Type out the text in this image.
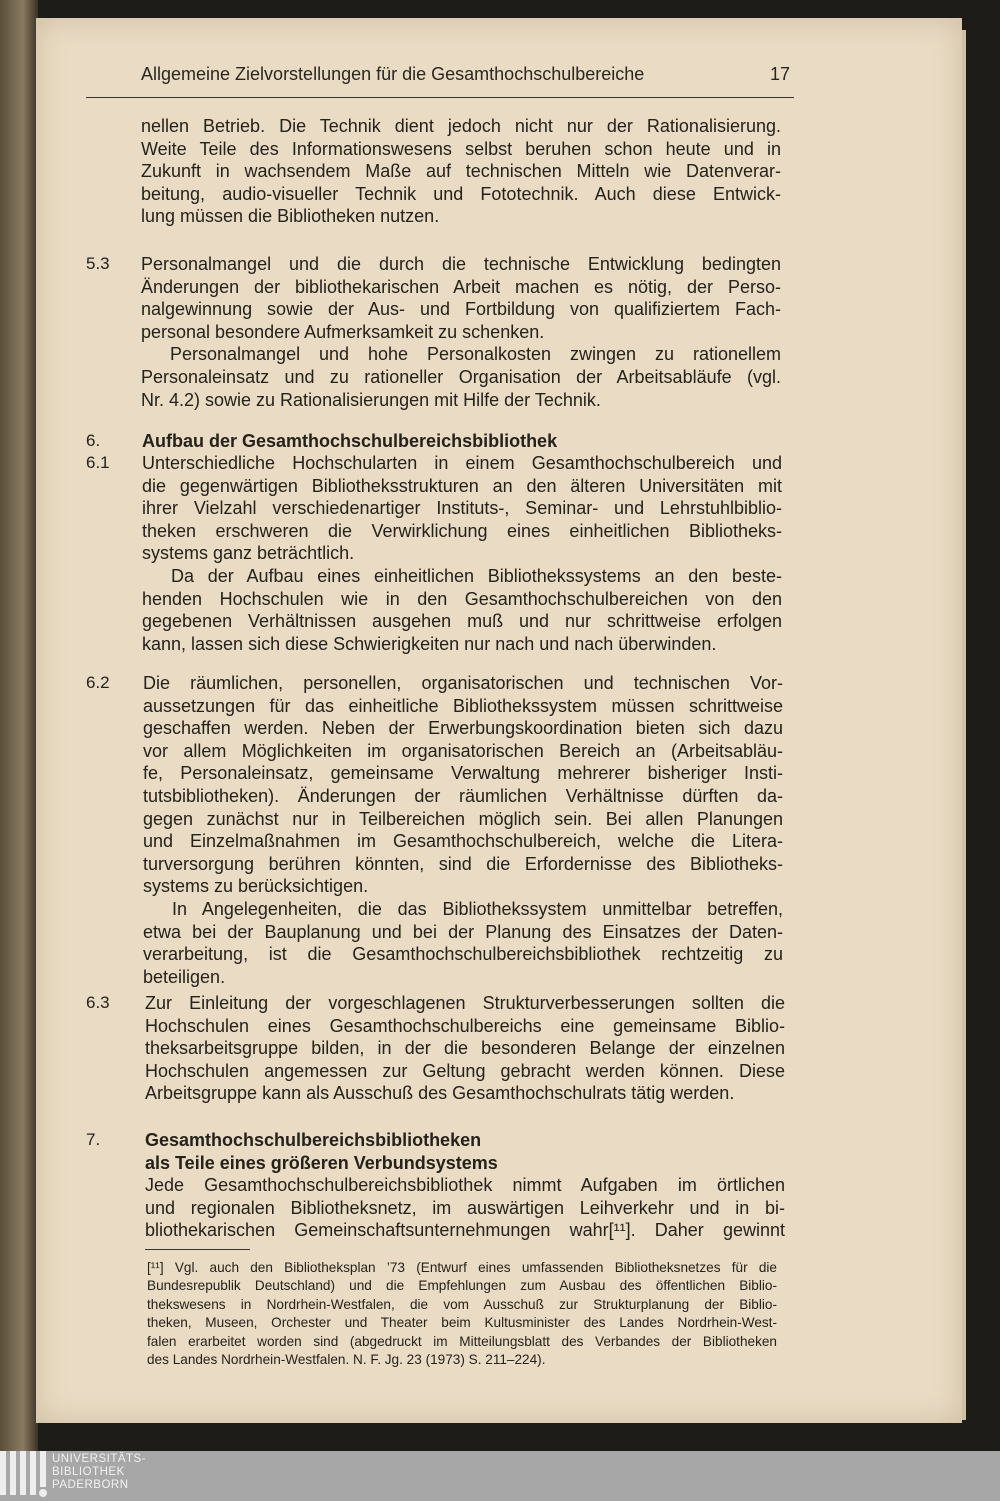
Allgemeine Zielvorstellungen für die Gesamthochschulbereiche	17
nellen Betrieb. Die Technik dient jedoch nicht nur der Rationalisierung.
Weite Teile des Informationswesens selbst beruhen schon heute und in
Zukunft in wachsendem Maße auf technischen Mitteln wie Datenverar-
beitung, audio-visueller Technik und Fototechnik. Auch diese Entwick-
lung müssen die Bibliotheken nutzen.
5.3 Personalmangel und die durch die technische Entwicklung bedingten
Änderungen der bibliothekarischen Arbeit machen es nötig, der Perso-
nalgewinnung sowie der Aus- und Fortbildung von qualifiziertem Fach-
personal besondere Aufmerksamkeit zu schenken.
Personalmangel und hohe Personalkosten zwingen zu rationellem
Personaleinsatz und zu rationeller Organisation der Arbeitsabläufe (vgl.
Nr. 4.2) sowie zu Rationalisierungen mit Hilfe der Technik.
6. Aufbau der Gesamthochschulbereichsbibliothek
6.1 Unterschiedliche Hochschularten in einem Gesamthochschulbereich und
die gegenwärtigen Bibliotheksstrukturen an den älteren Universitäten mit
ihrer Vielzahl verschiedenartiger Instituts-, Seminar- und Lehrstuhlbiblio-
theken erschweren die Verwirklichung eines einheitlichen Bibliotheks-
systems ganz beträchtlich.
Da der Aufbau eines einheitlichen Bibliothekssystems an den beste-
henden Hochschulen wie in den Gesamthochschulbereichen von den
gegebenen Verhältnissen ausgehen muß und nur schrittweise erfolgen
kann, lassen sich diese Schwierigkeiten nur nach und nach überwinden.
6.2 Die räumlichen, personellen, organisatorischen und technischen Vor-
aussetzungen für das einheitliche Bibliothekssystem müssen schrittweise
geschaffen werden. Neben der Erwerbungskoordination bieten sich dazu
vor allem Möglichkeiten im organisatorischen Bereich an (Arbeitsabläu-
fe, Personaleinsatz, gemeinsame Verwaltung mehrerer bisheriger Insti-
tutsbibliotheken). Änderungen der räumlichen Verhältnisse dürften da-
gegen zunächst nur in Teilbereichen möglich sein. Bei allen Planungen
und Einzelmaßnahmen im Gesamthochschulbereich, welche die Litera-
turversorgung berühren könnten, sind die Erfordernisse des Bibliotheks-
systems zu berücksichtigen.
In Angelegenheiten, die das Bibliothekssystem unmittelbar betreffen,
etwa bei der Bauplanung und bei der Planung des Einsatzes der Daten-
verarbeitung, ist die Gesamthochschulbereichsbibliothek rechtzeitig zu
beteiligen.
6.3 Zur Einleitung der vorgeschlagenen Strukturverbesserungen sollten die
Hochschulen eines Gesamthochschulbereichs eine gemeinsame Biblio-
theksarbeitsgruppe bilden, in der die besonderen Belange der einzelnen
Hochschulen angemessen zur Geltung gebracht werden können. Diese
Arbeitsgruppe kann als Ausschuß des Gesamthochschulrats tätig werden.
7. Gesamthochschulbereichsbibliotheken
als Teile eines größeren Verbundsystems
Jede Gesamthochschulbereichsbibliothek nimmt Aufgaben im örtlichen
und regionalen Bibliotheksnetz, im auswärtigen Leihverkehr und in bi-
bliothekarischen Gemeinschaftsunternehmungen wahr[¹¹]. Daher gewinnt
[¹¹] Vgl. auch den Bibliotheksplan ’73 (Entwurf eines umfassenden Bibliotheksnetzes für die
Bundesrepublik Deutschland) und die Empfehlungen zum Ausbau des öffentlichen Biblio-
thekswesens in Nordrhein-Westfalen, die vom Ausschuß zur Strukturplanung der Biblio-
theken, Museen, Orchester und Theater beim Kultusminister des Landes Nordrhein-West-
falen erarbeitet worden sind (abgedruckt im Mitteilungsblatt des Verbandes der Bibliotheken
des Landes Nordrhein-Westfalen. N. F. Jg. 23 (1973) S. 211–224).
UNIVERSITÄTS-
BIBLIOTHEK
PADERBORN
